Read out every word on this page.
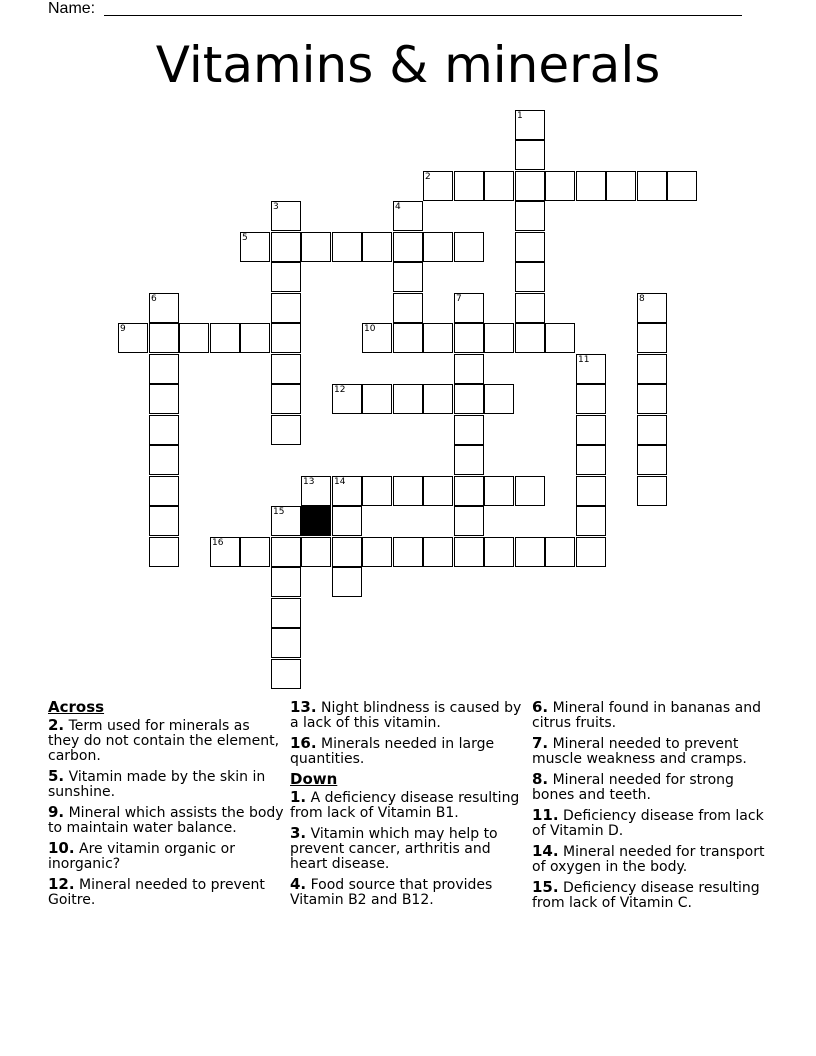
Name:
Vitamins & minerals
1
2
3	4
5
6	7	8
9	10
11
12
13 14
15
16
Across
2. Term used for minerals as they do not contain the element, carbon.
5. Vitamin made by the skin in sunshine.
9. Mineral which assists the body to maintain water balance.
10. Are vitamin organic or inorganic?
12. Mineral needed to prevent Goitre.
13. Night blindness is caused by a lack of this vitamin.
16. Minerals needed in large quantities.
Down
1. A deficiency disease resulting from lack of Vitamin B1.
3. Vitamin which may help to prevent cancer, arthritis and heart disease.
4. Food source that provides Vitamin B2 and B12.
6. Mineral found in bananas and citrus fruits.
7. Mineral needed to prevent muscle weakness and cramps.
8. Mineral needed for strong bones and teeth.
11. Deficiency disease from lack of Vitamin D.
14. Mineral needed for transport of oxygen in the body.
15. Deficiency disease resulting from lack of Vitamin C.
